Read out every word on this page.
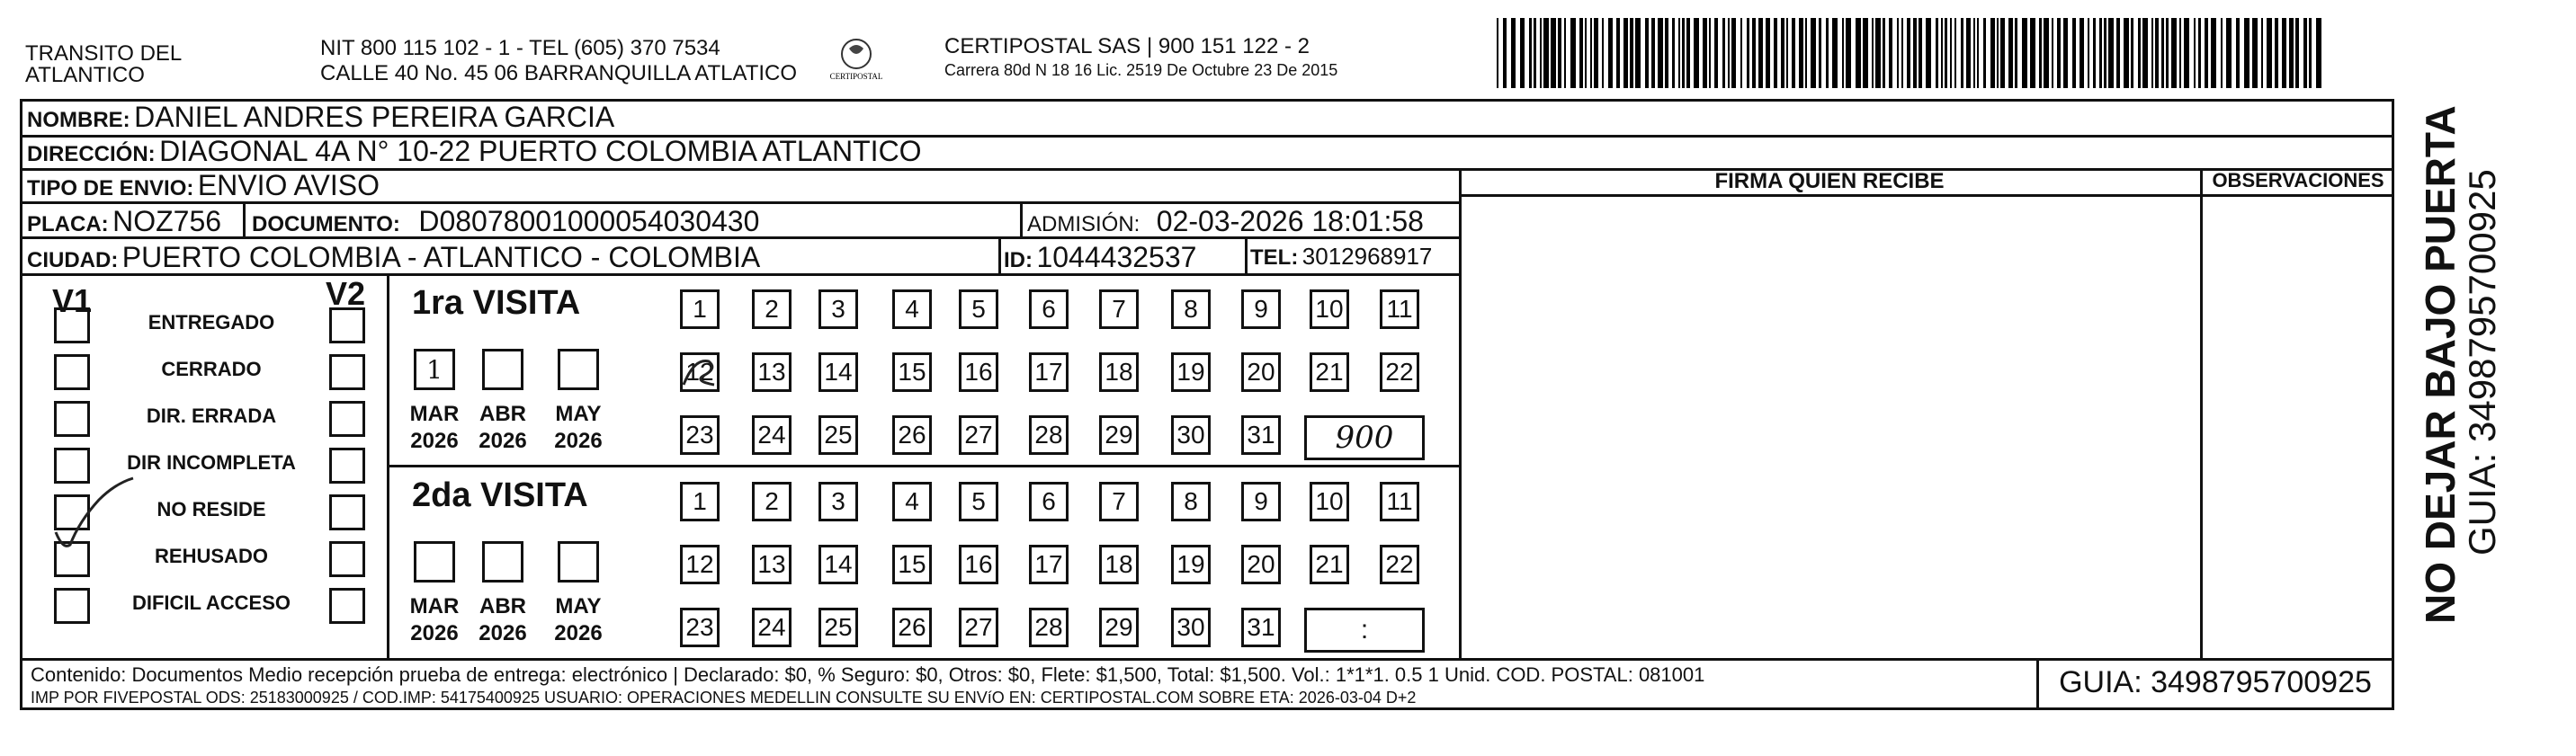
TRANSITO DEL
ATLANTICO
NIT 800 115 102 - 1 - TEL (605) 370 7534
CALLE 40 No. 45 06 BARRANQUILLA ATLATICO	CERTIPOSTAL
CERTIPOSTAL SAS | 900 151 122 - 2
Carrera 80d N 18 16 Lic. 2519 De Octubre 23 De 2015
NOMBRE: DANIEL ANDRES PEREIRA GARCIA
DIRECCIÓN: DIAGONAL 4A N° 10-22 PUERTO COLOMBIA ATLANTICO
TIPO DE ENVIO: ENVIO AVISO	FIRMA QUIEN RECIBE	OBSERVACIONES
PLACA: NOZ756 DOCUMENTO: D08078001000054030430	ADMISIÓN: 02-03-2026 18:01:58
CIUDAD: PUERTO COLOMBIA - ATLANTICO - COLOMBIA	ID: 1044432537 TEL: 3012968917
V1	V2
ENTREGADO
CERRADO
DIR. ERRADA
DIR INCOMPLETA
NO RESIDE
REHUSADO
DIFICIL ACCESO
1ra VISITA
1
MAR
2026
ABR
2026
MAY
2026
1	2	3	4	5	6	7	8	9	10 11
12 13 14 15 16 17 18 19 20 21 22
23 24 25 26 27 28 29 30 31	900
2da VISITA
MAR
2026
ABR
2026
MAY
2026
1	2	3	4	5	6	7	8	9	10 11
12 13 14 15 16 17 18 19 20 21 22
23 24 25 26 27 28 29 30 31	:
Contenido: Documentos Medio recepción prueba de entrega: electrónico | Declarado: $0, % Seguro: $0, Otros: $0, Flete: $1,500, Total: $1,500. Vol.: 1*1*1. 0.5 1 Unid. COD. POSTAL: 081001
IMP POR FIVEPOSTAL ODS: 25183000925 / COD.IMP: 54175400925 USUARIO: OPERACIONES MEDELLIN CONSULTE SU ENVíO EN: CERTIPOSTAL.COM SOBRE ETA: 2026-03-04 D+2	GUIA: 3498795700925
NO DEJAR BAJO PUERTA
GUIA: 3498795700925
